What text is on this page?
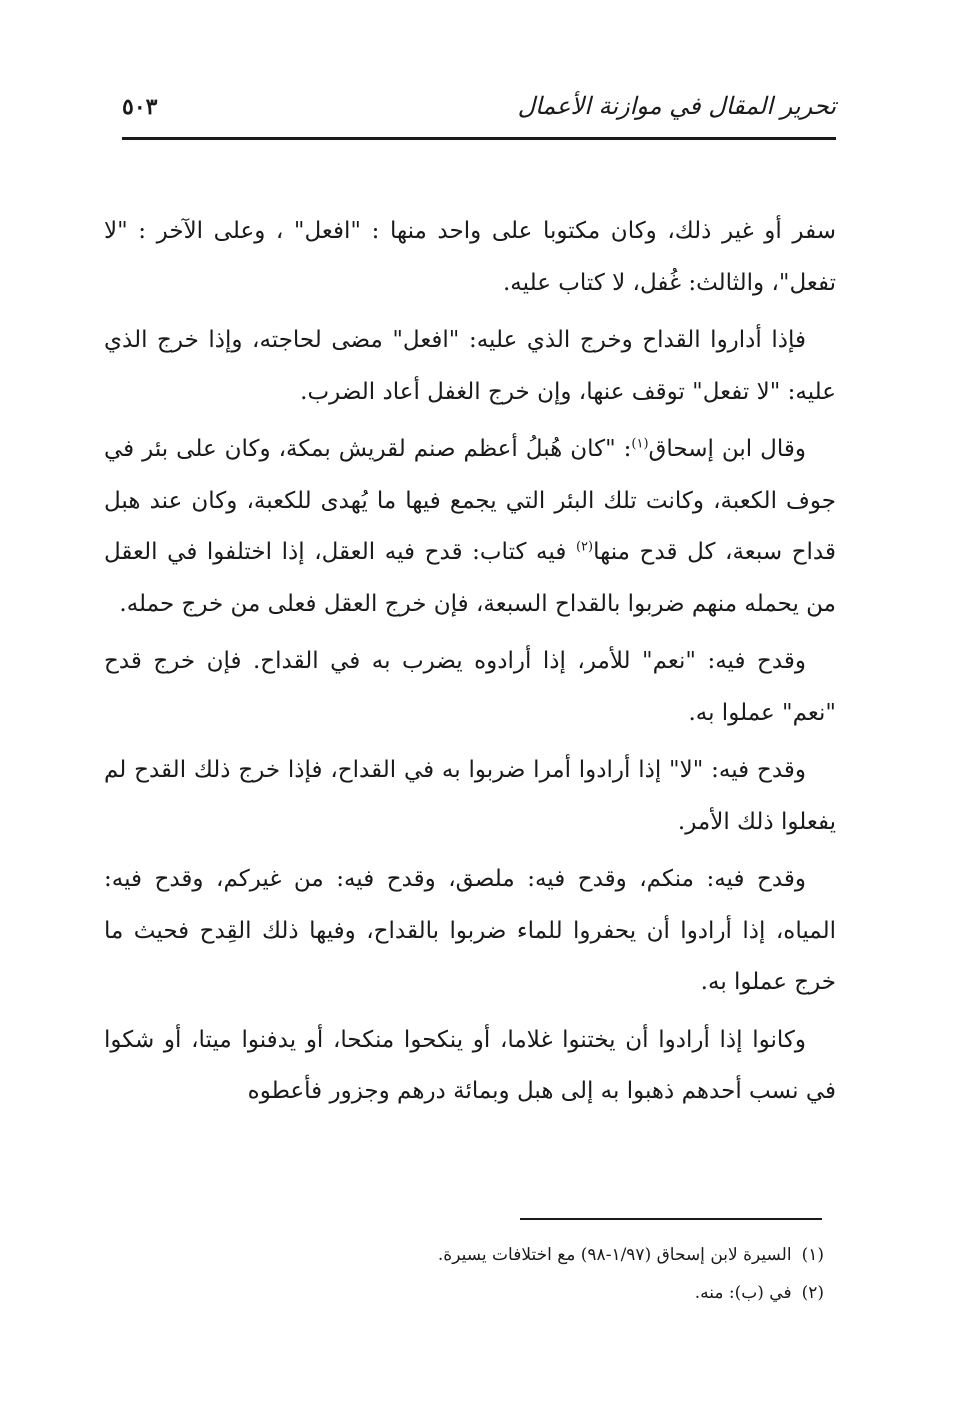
تحرير المقال في موازنة الأعمال
٥٠٣

سفر أو غير ذلك، وكان مكتوبا على واحد منها : "افعل" ، وعلى الآخر : "لا تفعل"، والثالث: غُفل، لا كتاب عليه.

فإذا أداروا القداح وخرج الذي عليه: "افعل" مضى لحاجته، وإذا خرج الذي عليه: "لا تفعل" توقف عنها، وإن خرج الغفل أعاد الضرب.

وقال ابن إسحاق$^{(١)}$: "كان هُبلُ أعظم صنم لقريش بمكة، وكان على بئر في جوف الكعبة، وكانت تلك البئر التي يجمع فيها ما يُهدى للكعبة، وكان عند هبل قداح سبعة، كل قدح منها$^{(٢)}$ فيه كتاب: قدح فيه العقل، إذا اختلفوا في العقل من يحمله منهم ضربوا بالقداح السبعة، فإن خرج العقل فعلى من خرج حمله.

وقدح فيه: "نعم" للأمر، إذا أرادوه يضرب به في القداح. فإن خرج قدح "نعم" عملوا به.

وقدح فيه: "لا" إذا أرادوا أمرا ضربوا به في القداح، فإذا خرج ذلك القدح لم يفعلوا ذلك الأمر.

وقدح فيه: منكم، وقدح فيه: ملصق، وقدح فيه: من غيركم، وقدح فيه: المياه، إذا أرادوا أن يحفروا للماء ضربوا بالقداح، وفيها ذلك القِدح فحيث ما خرج عملوا به.

وكانوا إذا أرادوا أن يختنوا غلاما، أو ينكحوا منكحا، أو يدفنوا ميتا، أو شكوا في نسب أحدهم ذهبوا به إلى هبل وبمائة درهم وجزور فأعطوه

(١)السيرة لابن إسحاق (١/٩٧-٩٨) مع اختلافات يسيرة.
(٢)في (ب): منه.
